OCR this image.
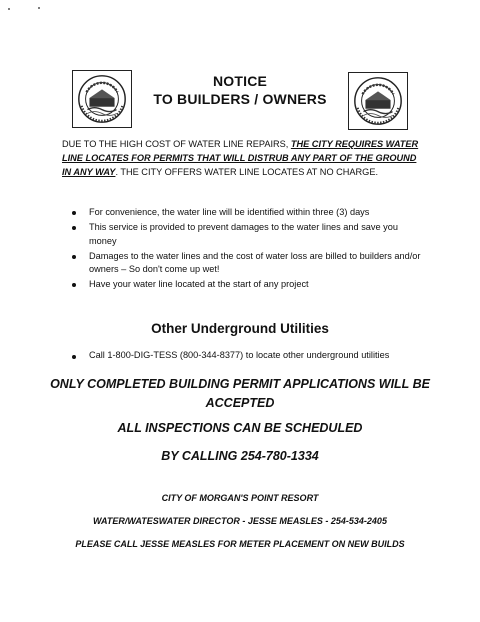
NOTICE
TO BUILDERS / OWNERS
DUE TO THE HIGH COST OF WATER LINE REPAIRS, THE CITY REQUIRES WATER LINE LOCATES FOR PERMITS THAT WILL DISTRUB ANY PART OF THE GROUND IN ANY WAY. THE CITY OFFERS WATER LINE LOCATES AT NO CHARGE.
For convenience, the water line will be identified within three (3) days
This service is provided to prevent damages to the water lines and save you money
Damages to the water lines and the cost of water loss are billed to builders and/or owners – So don't come up wet!
Have your water line located at the start of any project
Other Underground Utilities
Call 1-800-DIG-TESS (800-344-8377) to locate other underground utilities
ONLY COMPLETED BUILDING PERMIT APPLICATIONS WILL BE ACCEPTED
ALL INSPECTIONS CAN BE SCHEDULED
BY CALLING 254-780-1334
CITY OF MORGAN'S POINT RESORT
WATER/WATESWATER DIRECTOR - JESSE MEASLES - 254-534-2405
PLEASE CALL JESSE MEASLES FOR METER PLACEMENT ON NEW BUILDS
